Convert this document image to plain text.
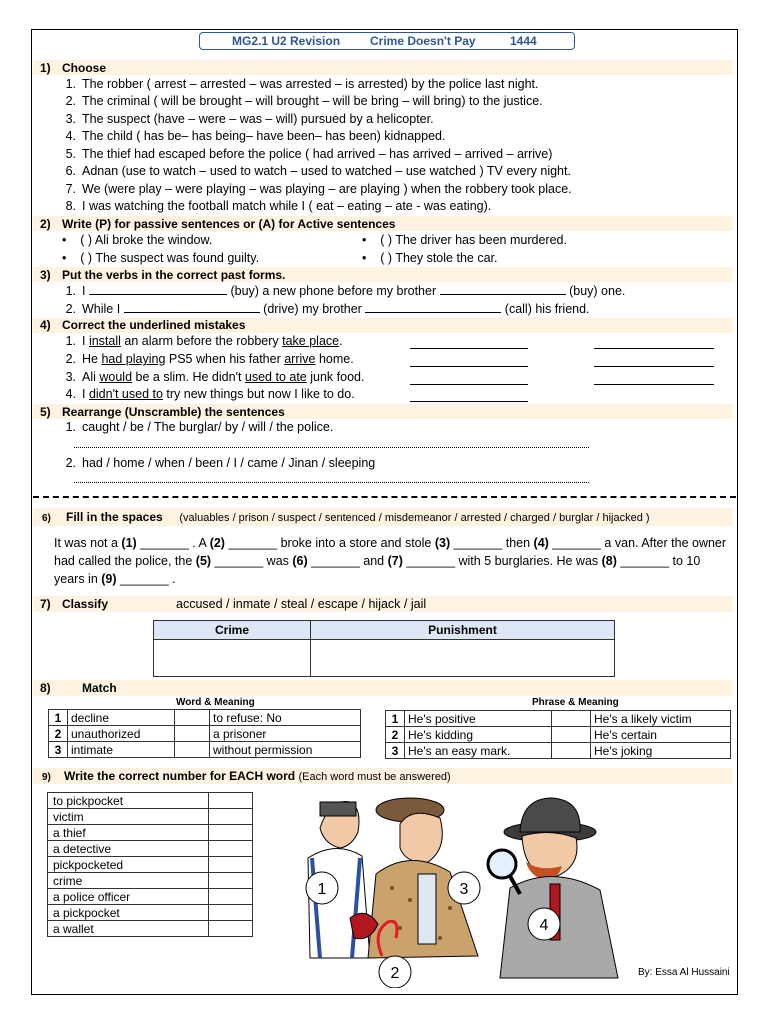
MG2.1 U2 Revision Crime Doesn't Pay	1444
1) Choose
1. The robber ( arrest – arrested – was arrested – is arrested) by the police last night.
2. The criminal ( will be brought – will brought – will be bring – will bring) to the justice.
3. The suspect (have – were – was – will) pursued by a helicopter.
4. The child ( has be– has being– have been– has been) kidnapped.
5. The thief had escaped before the police ( had arrived – has arrived – arrived – arrive)
6. Adnan (use to watch – used to watch – used to watched – use watched ) TV every night.
7. We (were play – were playing – was playing – are playing ) when the robbery took place.
8. I was watching the football match while I ( eat – eating – ate - was eating).
2) Write (P) for passive sentences or (A) for Active sentences
•    ( ) Ali broke the window.	•    ( ) The driver has been murdered.
•    ( ) The suspect was found guilty.	•    ( ) They stole the car.
3) Put the verbs in the correct past forms.
1. I	(buy) a new phone before my brother	(buy) one.
2. While I	(drive) my brother	(call) his friend.
4) Correct the underlined mistakes
1. I install an alarm before the robbery take place.
2. He had playing PS5 when his father arrive home.
3. Ali would be a slim. He didn't used to ate junk food.
4. I didn't used to try new things but now I like to do.
5) Rearrange (Unscramble) the sentences
1. caught / be / The burglar/ by / will / the police.
2. had / home / when / been / I / came / Jinan / sleeping
6) Fill in the spaces (valuables / prison / suspect / sentenced / misdemeanor / arrested / charged / burglar / hijacked )
It was not a (1) _______ . A (2) _______ broke into a store and stole (3) _______ then (4) _______ a van. After the owner had called the police, the (5) _______ was (6) _______ and (7) _______ with 5 burglaries. He was (8) _______ to 10 years in (9) _______ .
7) Classify	accused / inmate / steal / escape / hijack / jail
Crime	Punishment

8)	Match
Word & Meaning	Phrase & Meaning
1	decline		to refuse: No
2	unauthorized		a prisoner
3	intimate		without permission
1	He's positive		He's a likely victim
2	He's kidding		He's certain
3	He's an easy mark.		He's joking
9) Write the correct number for EACH word (Each word must be answered)
to pickpocket	
victim	
a thief	
a detective	
pickpocketed	
crime	
a police officer	
a pickpocket	
a wallet	
1
2
3
4
By: Essa Al Hussaini
